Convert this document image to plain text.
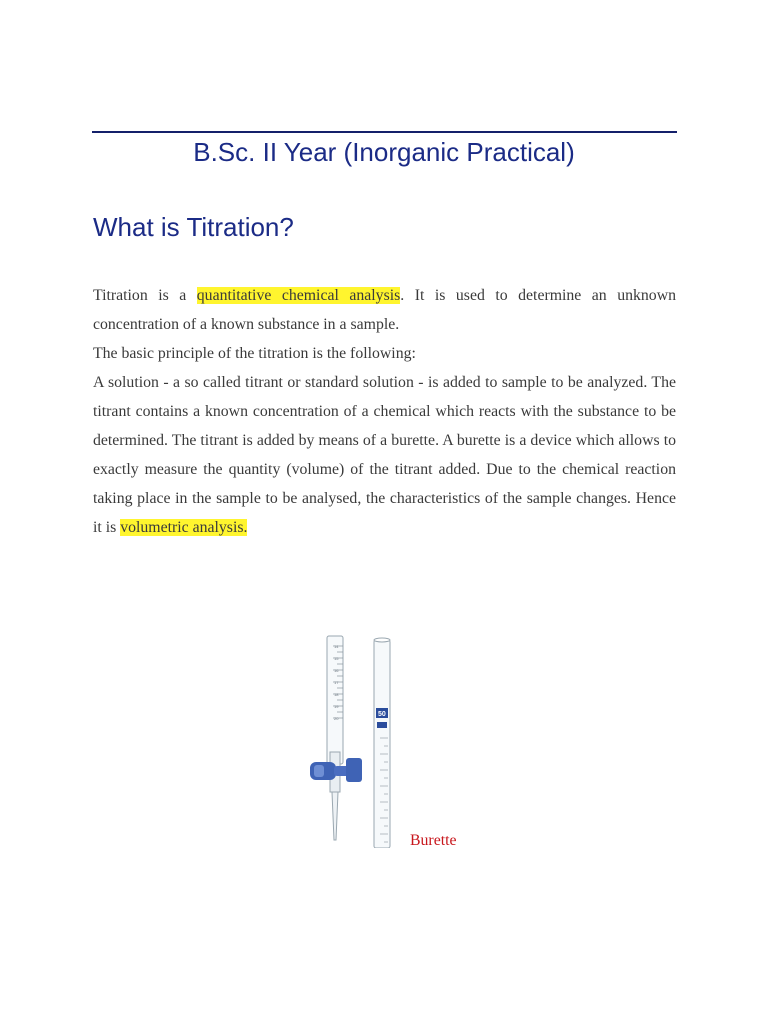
B.Sc. II Year (Inorganic Practical)
What is Titration?

Titration is a quantitative chemical analysis. It is used to determine an unknown concentration of a known substance in a sample.

The basic principle of the titration is the following:

A solution - a so called titrant or standard solution - is added to sample to be analyzed. The titrant contains a known concentration of a chemical which reacts with the substance to be determined. The titrant is added by means of a burette. A burette is a device which allows to exactly measure the quantity (volume) of the titrant added. Due to the chemical reaction taking place in the sample to be analysed, the characteristics of the sample changes. Hence it is volumetric analysis.

14
15
16
17
18
19
20
50
Burette
